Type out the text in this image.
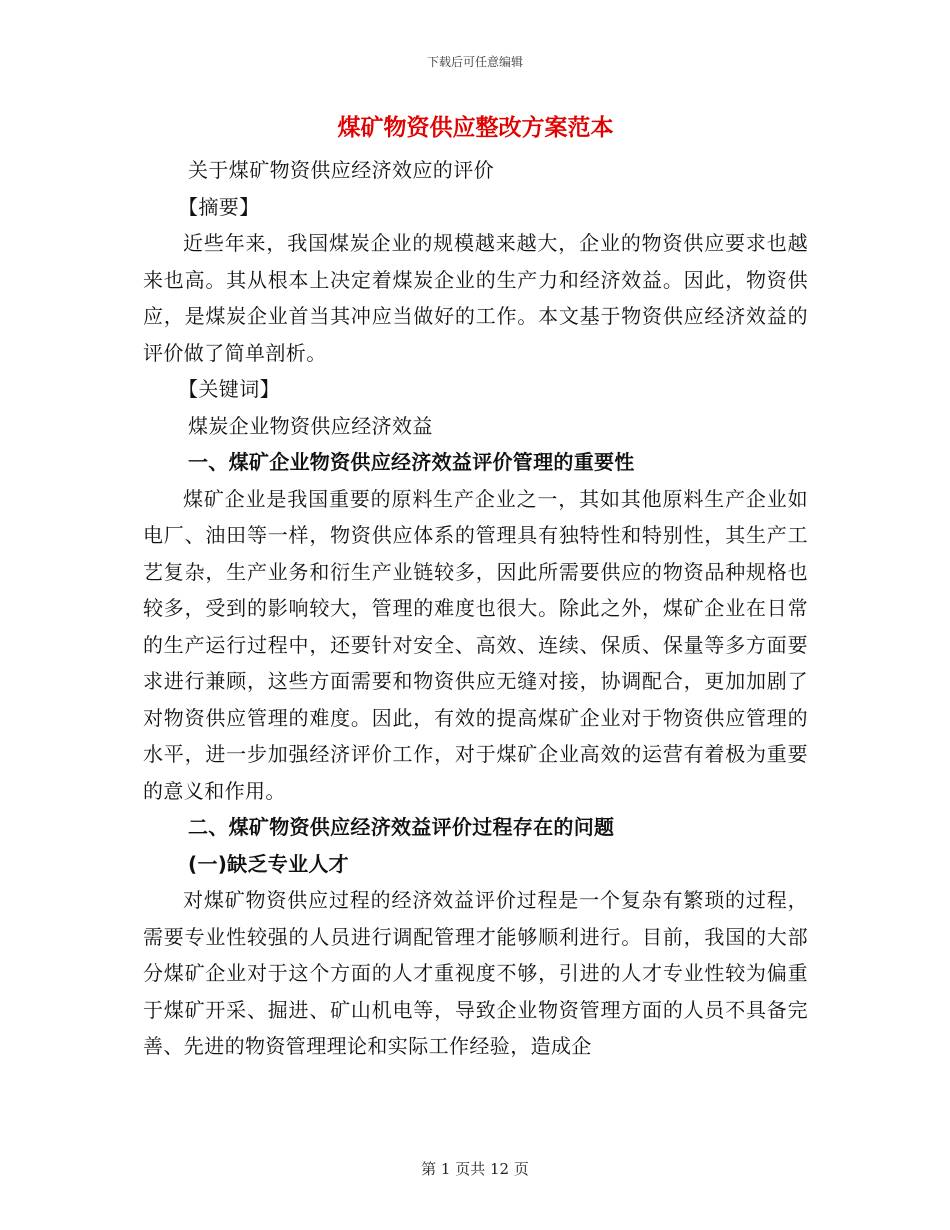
下载后可任意编辑
煤矿物资供应整改方案范本

关于煤矿物资供应经济效应的评价

【摘要】

近些年来，我国煤炭企业的规模越来越大，企业的物资供应要求也越来也高。其从根本上决定着煤炭企业的生产力和经济效益。因此，物资供应，是煤炭企业首当其冲应当做好的工作。本文基于物资供应经济效益的评价做了简单剖析。

【关键词】

煤炭企业物资供应经济效益

一、煤矿企业物资供应经济效益评价管理的重要性

煤矿企业是我国重要的原料生产企业之一，其如其他原料生产企业如电厂、油田等一样，物资供应体系的管理具有独特性和特别性，其生产工艺复杂，生产业务和衍生产业链较多，因此所需要供应的物资品种规格也较多，受到的影响较大，管理的难度也很大。除此之外，煤矿企业在日常的生产运行过程中，还要针对安全、高效、连续、保质、保量等多方面要求进行兼顾，这些方面需要和物资供应无缝对接，协调配合，更加加剧了对物资供应管理的难度。因此，有效的提高煤矿企业对于物资供应管理的水平，进一步加强经济评价工作，对于煤矿企业高效的运营有着极为重要的意义和作用。

二、煤矿物资供应经济效益评价过程存在的问题

(一)缺乏专业人才

对煤矿物资供应过程的经济效益评价过程是一个复杂有繁琐的过程，需要专业性较强的人员进行调配管理才能够顺利进行。目前，我国的大部分煤矿企业对于这个方面的人才重视度不够，引进的人才专业性较为偏重于煤矿开采、掘进、矿山机电等，导致企业物资管理方面的人员不具备完善、先进的物资管理理论和实际工作经验，造成企

第 1 页共 12 页
